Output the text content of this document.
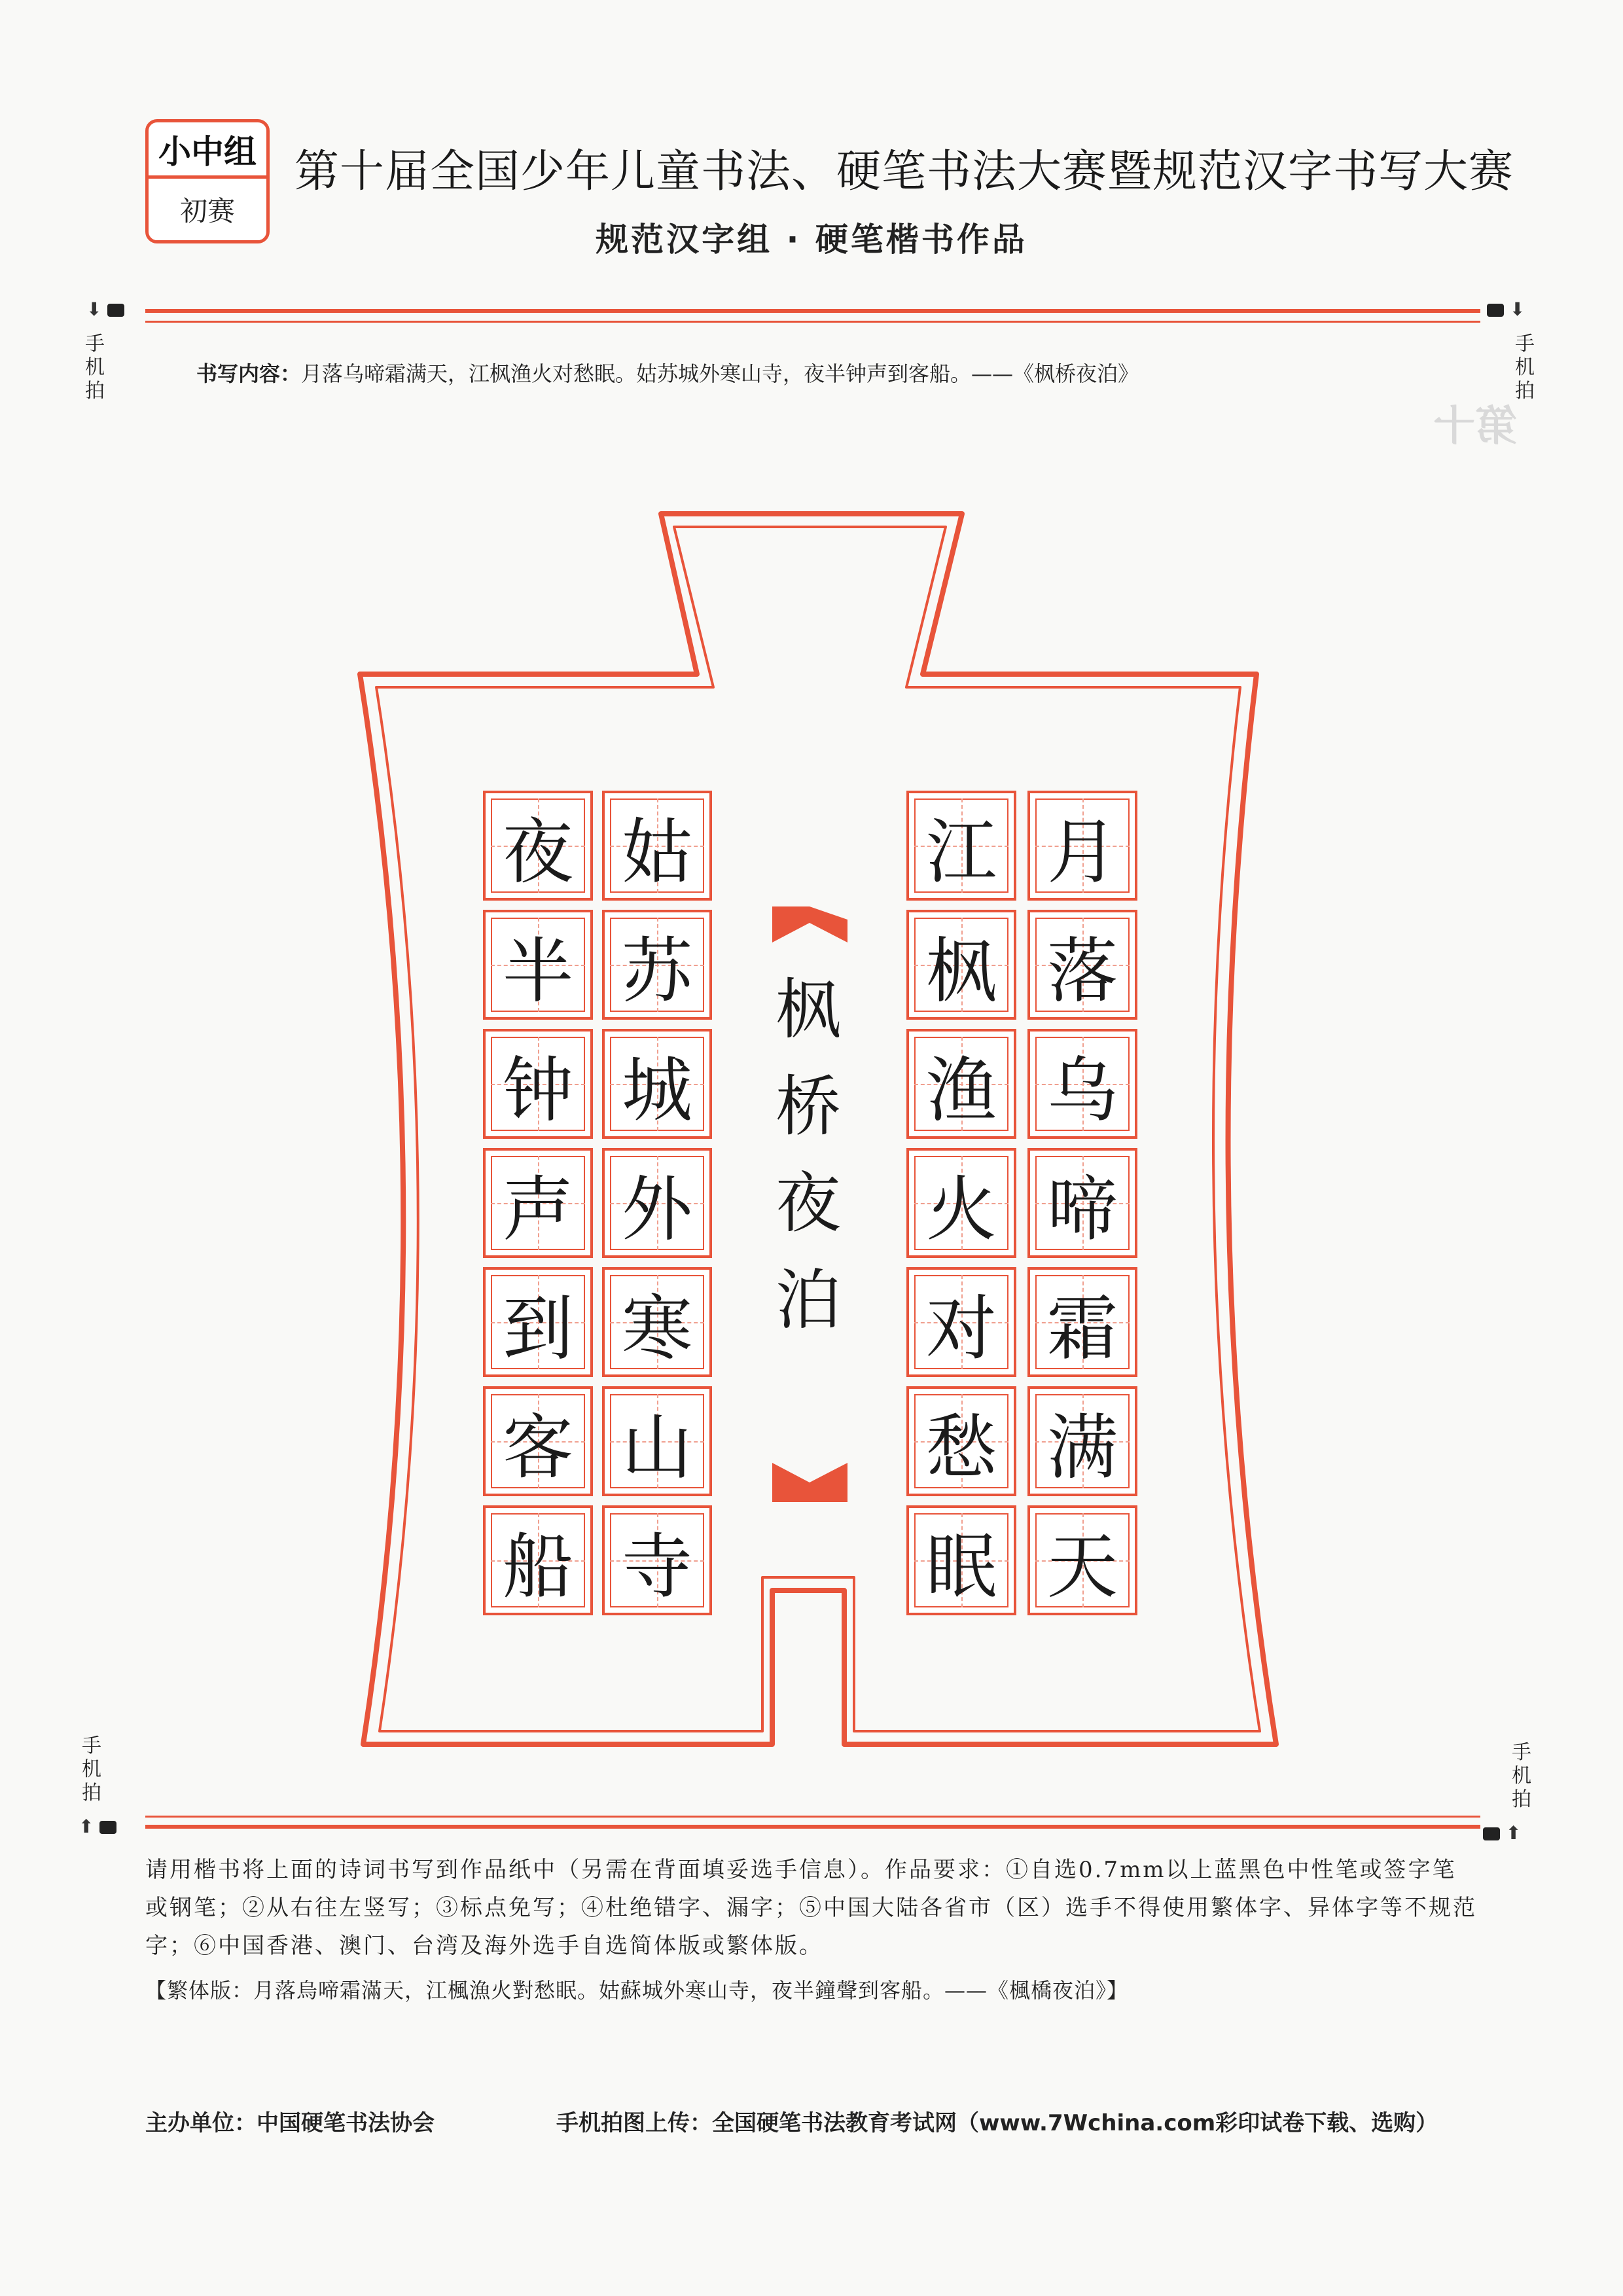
第十
小中组
初赛
第十届全国少年儿童书法、硬笔书法大赛暨规范汉字书写大赛
规范汉字组 · 硬笔楷书作品
⬇
手机拍
⬇
手机拍
书写内容：月落乌啼霜满天，江枫渔火对愁眠。姑苏城外寒山寺，夜半钟声到客船。——《枫桥夜泊》
月
落
乌
啼
霜
满
天
江
枫
渔
火
对
愁
眠
姑
苏
城
外
寒
山
寺
夜
半
钟
声
到
客
船
枫
桥
夜
泊
手机拍
⬆
手机拍
⬆
请用楷书将上面的诗词书写到作品纸中（另需在背面填妥选手信息）。作品要求：①自选0.7mm以上蓝黑色中性笔或签字笔或钢笔；②从右往左竖写；③标点免写；④杜绝错字、漏字；⑤中国大陆各省市（区）选手不得使用繁体字、异体字等不规范字；⑥中国香港、澳门、台湾及海外选手自选简体版或繁体版。
【繁体版：月落烏啼霜滿天，江楓漁火對愁眠。姑蘇城外寒山寺，夜半鐘聲到客船。——《楓橋夜泊》】
主办单位：中国硬笔书法协会	手机拍图上传：全国硬笔书法教育考试网（www.7Wchina.com彩印试卷下载、选购）
